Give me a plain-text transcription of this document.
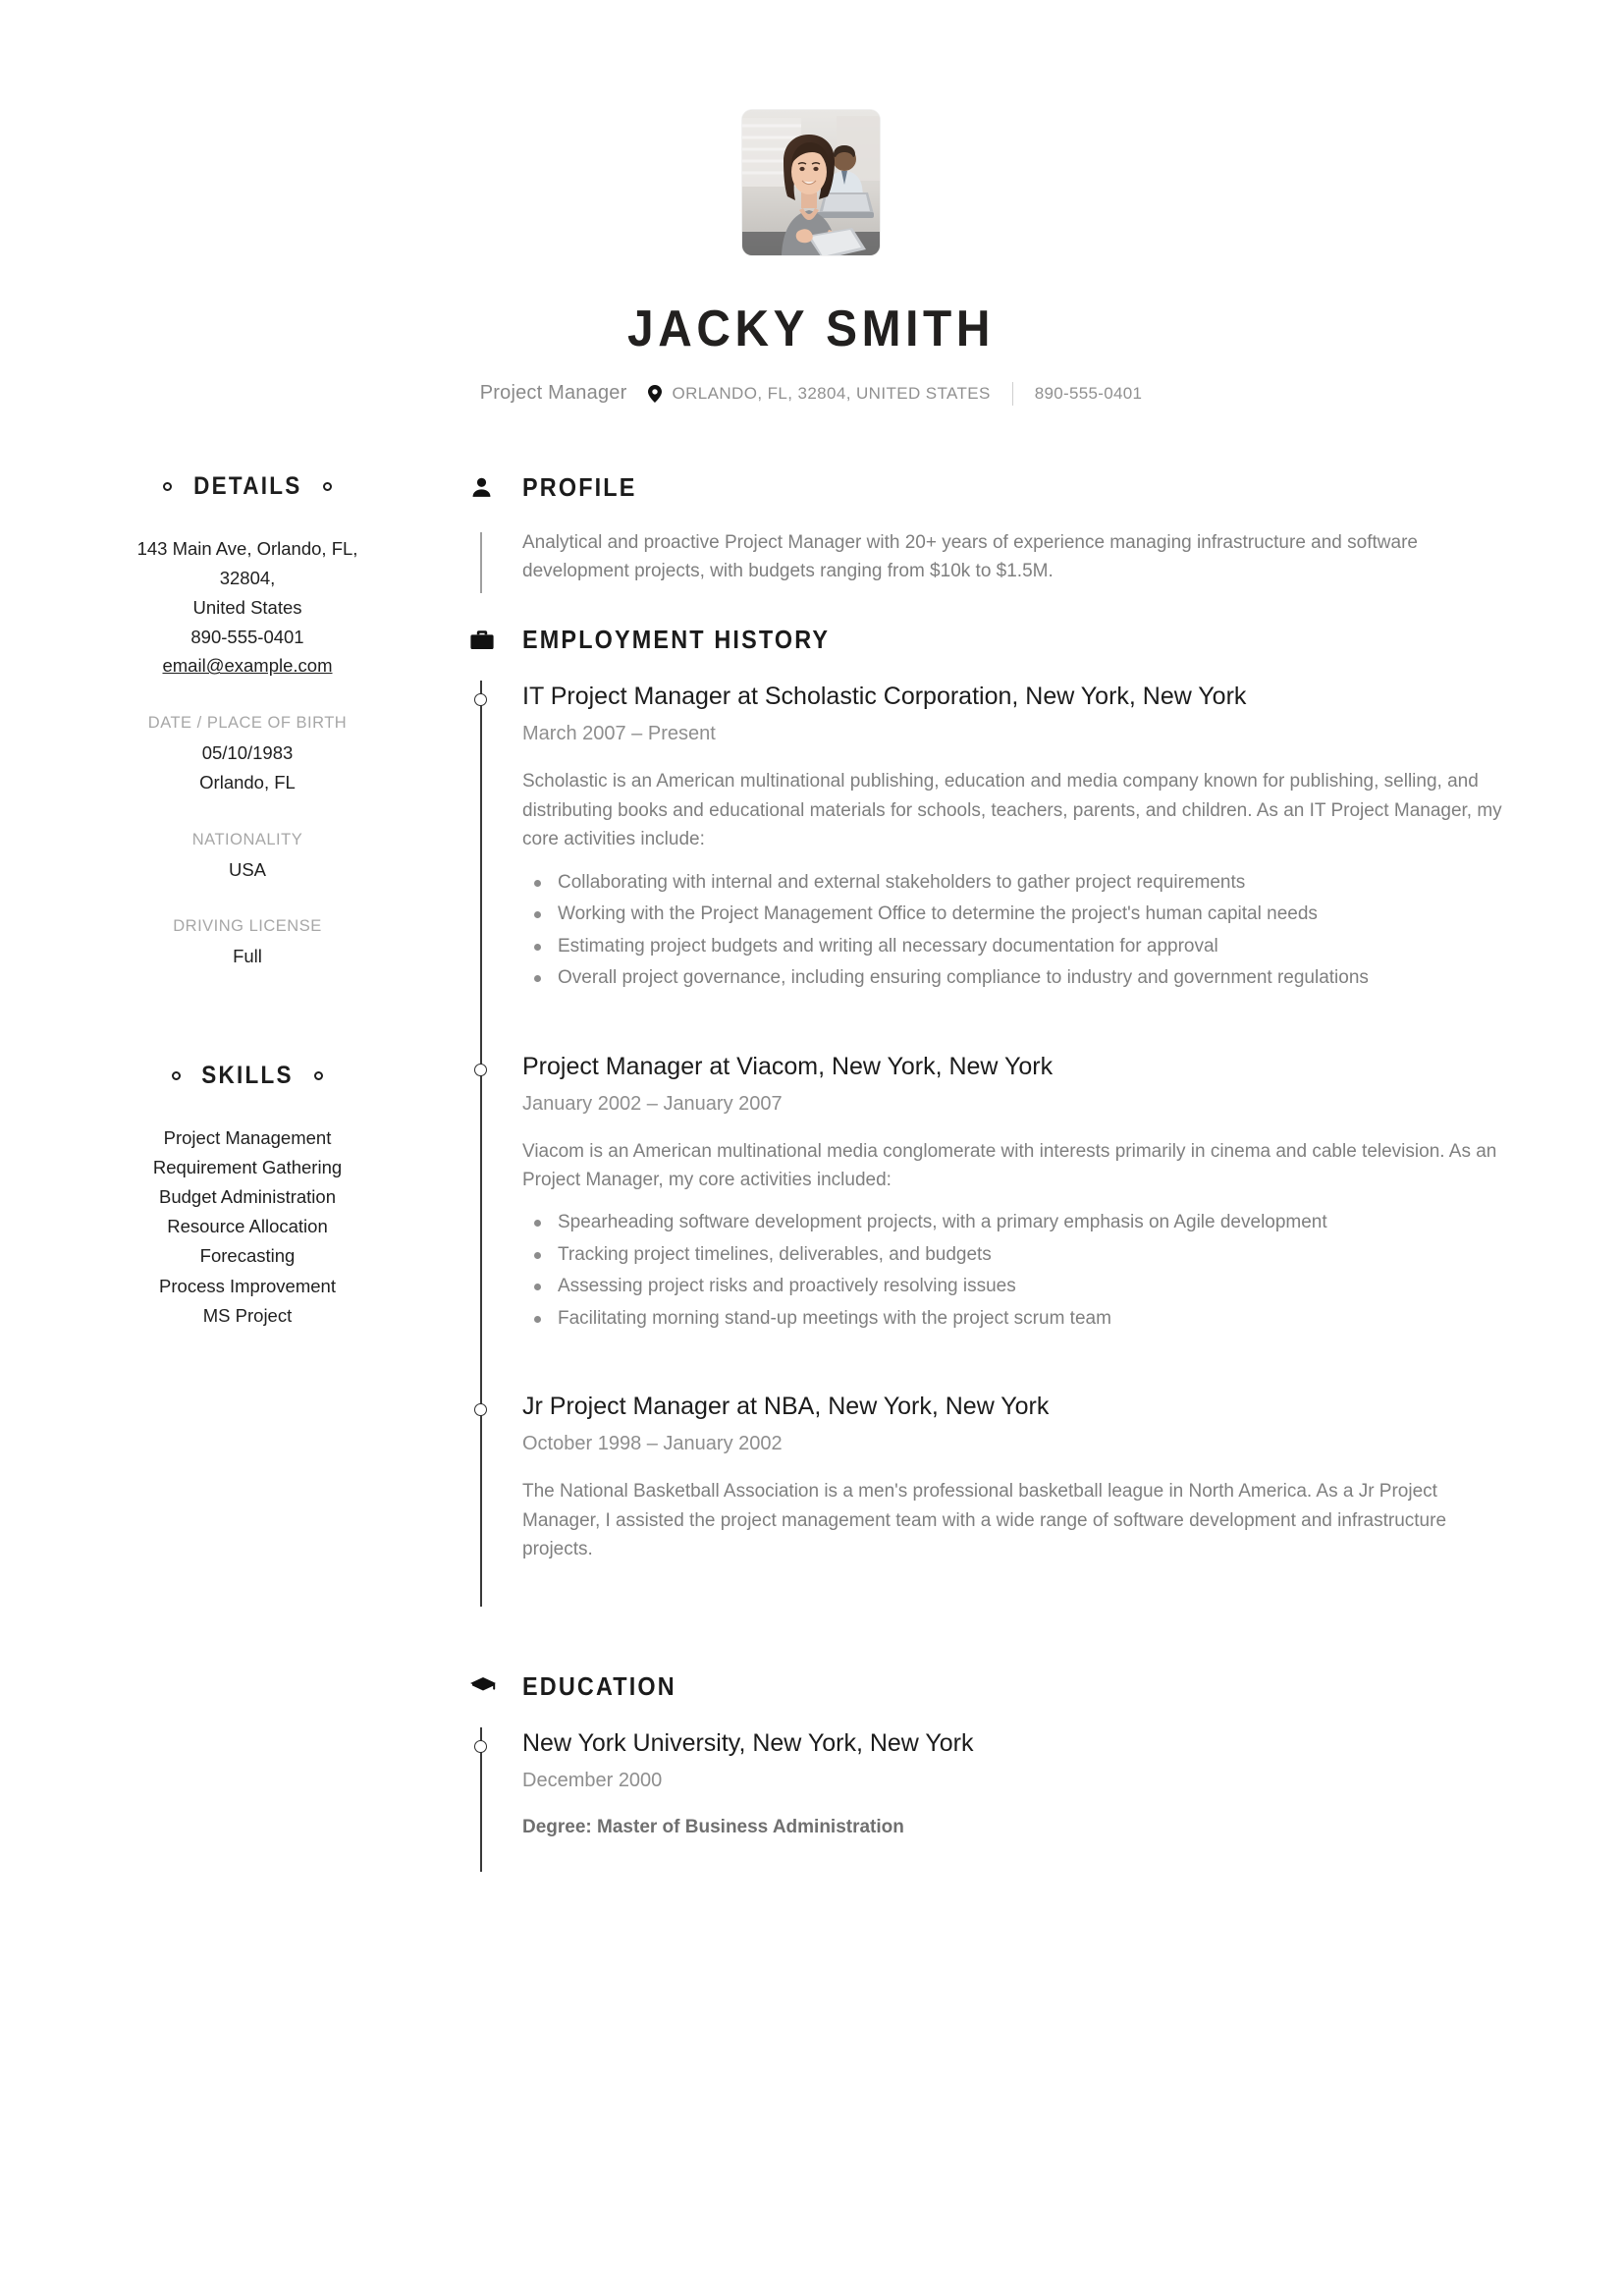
JACKY SMITH
Project Manager	ORLANDO, FL, 32804, UNITED STATES	890-555-0401
DETAILS
143 Main Ave, Orlando, FL, 32804,
United States
890-555-0401
email@example.com
DATE / PLACE OF BIRTH
05/10/1983
Orlando, FL
NATIONALITY
USA
DRIVING LICENSE
Full
SKILLS
Project Management
Requirement Gathering
Budget Administration
Resource Allocation
Forecasting
Process Improvement
MS Project
PROFILE
Analytical and proactive Project Manager with 20+ years of experience managing infrastructure and software development projects, with budgets ranging from $10k to $1.5M.
EMPLOYMENT HISTORY
IT Project Manager at Scholastic Corporation, New York, New York
March 2007 – Present
Scholastic is an American multinational publishing, education and media company known for publishing, selling, and distributing books and educational materials for schools, teachers, parents, and children. As an IT Project Manager, my core activities include:
Collaborating with internal and external stakeholders to gather project requirements
Working with the Project Management Office to determine the project's human capital needs
Estimating project budgets and writing all necessary documentation for approval
Overall project governance, including ensuring compliance to industry and government regulations
Project Manager at Viacom, New York, New York
January 2002 – January 2007
Viacom is an American multinational media conglomerate with interests primarily in cinema and cable television. As an Project Manager, my core activities included:
Spearheading software development projects, with a primary emphasis on Agile development
Tracking project timelines, deliverables, and budgets
Assessing project risks and proactively resolving issues
Facilitating morning stand-up meetings with the project scrum team
Jr Project Manager at NBA, New York, New York
October 1998 – January 2002
The National Basketball Association is a men's professional basketball league in North America. As a Jr Project Manager, I assisted the project management team with a wide range of software development and infrastructure projects.
EDUCATION
New York University, New York, New York
December 2000
Degree: Master of Business Administration
